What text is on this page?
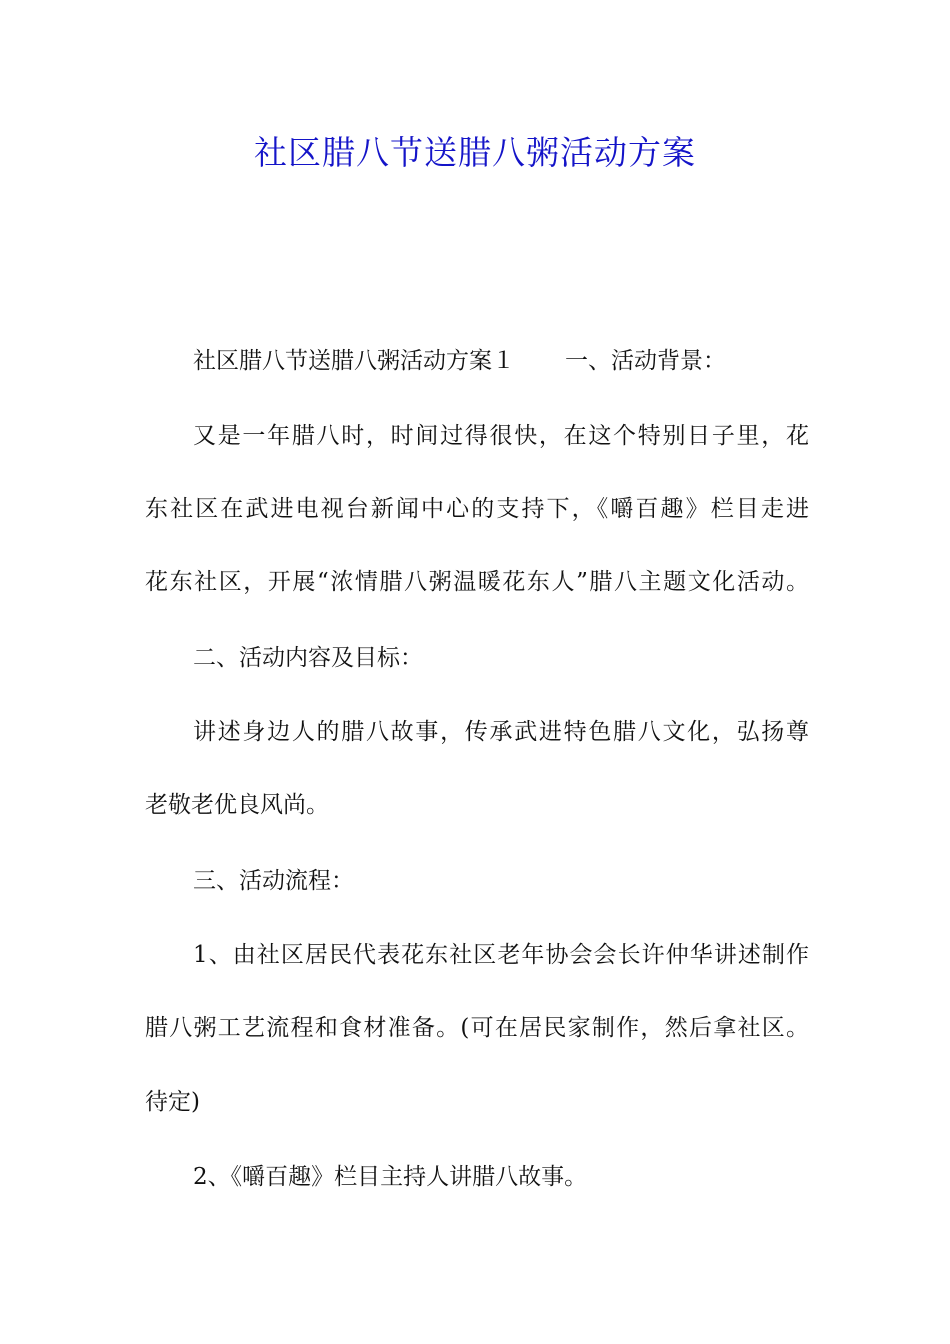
社区腊八节送腊八粥活动方案

社区腊八节送腊八粥活动方案１ 一、活动背景：

又是一年腊八时，时间过得很快，在这个特别日子里，花

东社区在武进电视台新闻中心的支持下，《嚼百趣》栏目走进

花东社区，开展“浓情腊八粥温暖花东人”腊八主题文化活动。

二、活动内容及目标：

讲述身边人的腊八故事，传承武进特色腊八文化，弘扬尊

老敬老优良风尚。

三、活动流程：

1、由社区居民代表花东社区老年协会会长许仲华讲述制作

腊八粥工艺流程和食材准备。(可在居民家制作，然后拿社区。

待定)

2、《嚼百趣》栏目主持人讲腊八故事。
